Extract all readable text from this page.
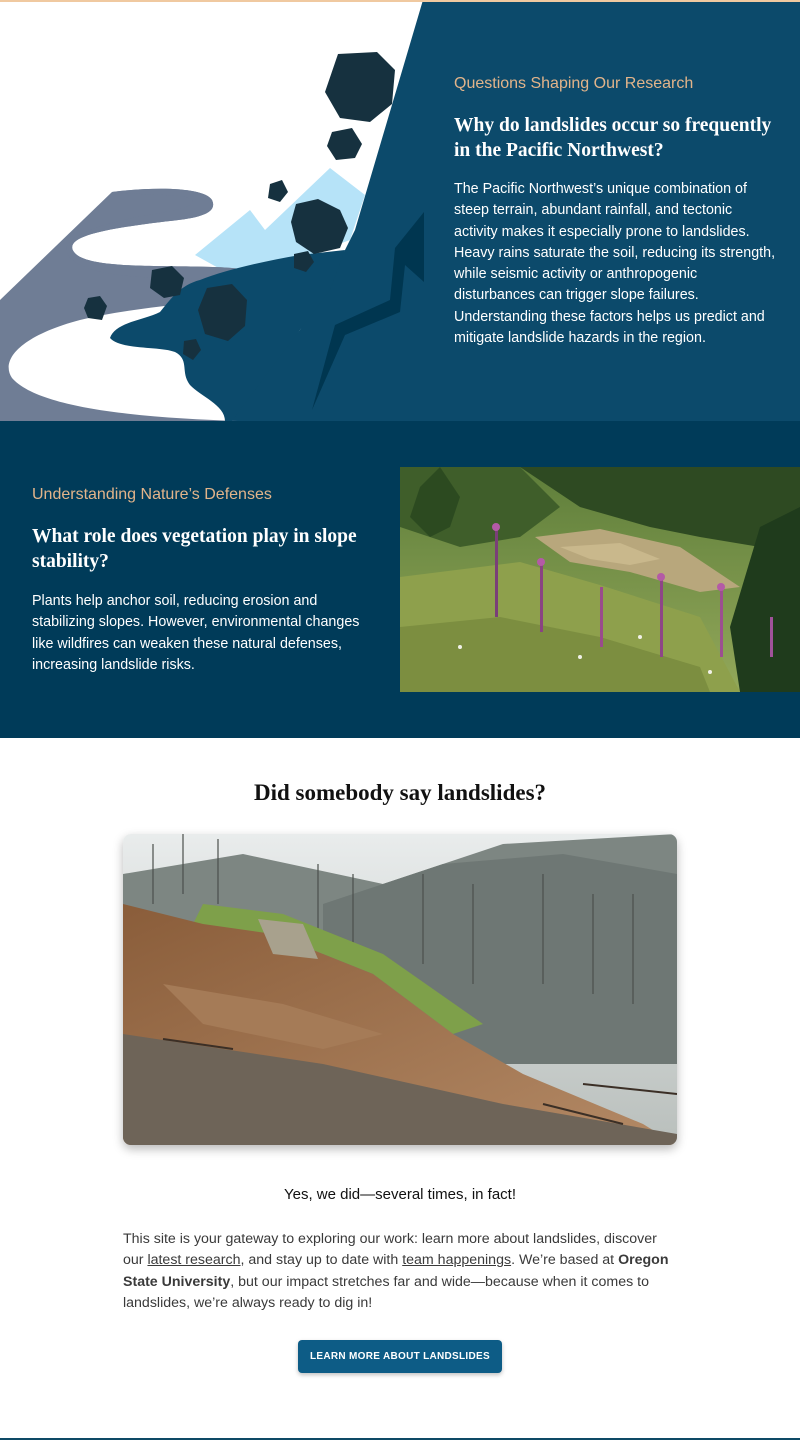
Questions Shaping Our Research
Why do landslides occur so frequently in the Pacific Northwest?

The Pacific Northwest’s unique combination of steep terrain, abundant rainfall, and tectonic activity makes it especially prone to landslides. Heavy rains saturate the soil, reducing its strength, while seismic activity or anthropogenic disturbances can trigger slope failures. Understanding these factors helps us predict and mitigate landslide hazards in the region.

Understanding Nature’s Defenses
What role does vegetation play in slope stability?

Plants help anchor soil, reducing erosion and stabilizing slopes. However, environmental changes like wildfires can weaken these natural defenses, increasing landslide risks.

Did somebody say landslides?

Yes, we did—several times, in fact!

This site is your gateway to exploring our work: learn more about landslides, discover our latest research, and stay up to date with team happenings. We’re based at Oregon State University, but our impact stretches far and wide—because when it comes to landslides, we’re always ready to dig in!

LEARN MORE ABOUT LANDSLIDES
